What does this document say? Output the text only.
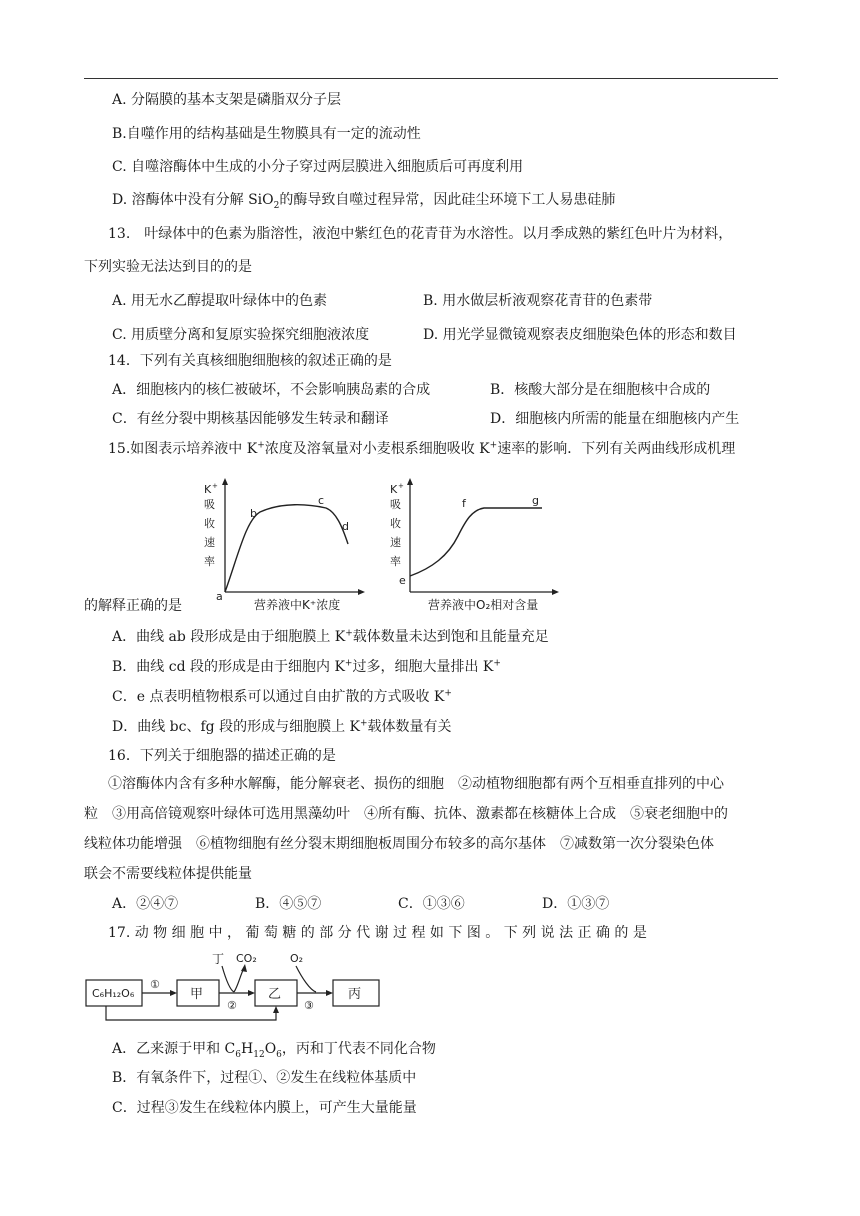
A. 分隔膜的基本支架是磷脂双分子层
B.自噬作用的结构基础是生物膜具有一定的流动性
C. 自噬溶酶体中生成的小分子穿过两层膜进入细胞质后可再度利用
D. 溶酶体中没有分解 SiO$_2$的酶导致自噬过程异常，因此硅尘环境下工人易患硅肺
13.　叶绿体中的色素为脂溶性，液泡中紫红色的花青苷为水溶性。以月季成熟的紫红色叶片为材料，
下列实验无法达到目的的是
A. 用无水乙醇提取叶绿体中的色素	B. 用水做层析液观察花青苷的色素带
C. 用质壁分离和复原实验探究细胞液浓度	D. 用光学显微镜观察表皮细胞染色体的形态和数目
14．下列有关真核细胞细胞核的叙述正确的是
A．细胞核内的核仁被破坏，不会影响胰岛素的合成	B．核酸大部分是在细胞核中合成的
C．有丝分裂中期核基因能够发生转录和翻译	D．细胞核内所需的能量在细胞核内产生
15.如图表示培养液中 K+浓度及溶氧量对小麦根系细胞吸收 K+速率的影响．下列有关两曲线形成机理
K +
吸
收
速
率
a
b
c
d
营养液中K⁺浓度
K +
吸
收
速
率
e
f	g
营养液中O₂相对含量
的解释正确的是
A．曲线 ab 段形成是由于细胞膜上 K+载体数量未达到饱和且能量充足
B．曲线 cd 段的形成是由于细胞内 K+过多，细胞大量排出 K+
C．e 点表明植物根系可以通过自由扩散的方式吸收 K+
D．曲线 bc、fg 段的形成与细胞膜上 K+载体数量有关
16．下列关于细胞器的描述正确的是
①溶酶体内含有多种水解酶，能分解衰老、损伤的细胞　②动植物细胞都有两个互相垂直排列的中心
粒　③用高倍镜观察叶绿体可选用黑藻幼叶　④所有酶、抗体、激素都在核糖体上合成　⑤衰老细胞中的
线粒体功能增强　⑥植物细胞有丝分裂末期细胞板周围分布较多的高尔基体　⑦减数第一次分裂染色体
联会不需要线粒体提供能量
A．②④⑦	B．④⑤⑦	C．①③⑥	D．①③⑦
17. 动 物 细 胞 中 ， 葡 萄 糖 的 部 分 代 谢 过 程 如 下 图 。 下 列 说 法 正 确 的 是
C₆H₁₂O₆	甲	乙	丙
丁 CO₂	O₂
①
②	③
A．乙来源于甲和 $C_6H_{12}O_6$，丙和丁代表不同化合物
B．有氧条件下，过程①、②发生在线粒体基质中
C．过程③发生在线粒体内膜上，可产生大量能量
